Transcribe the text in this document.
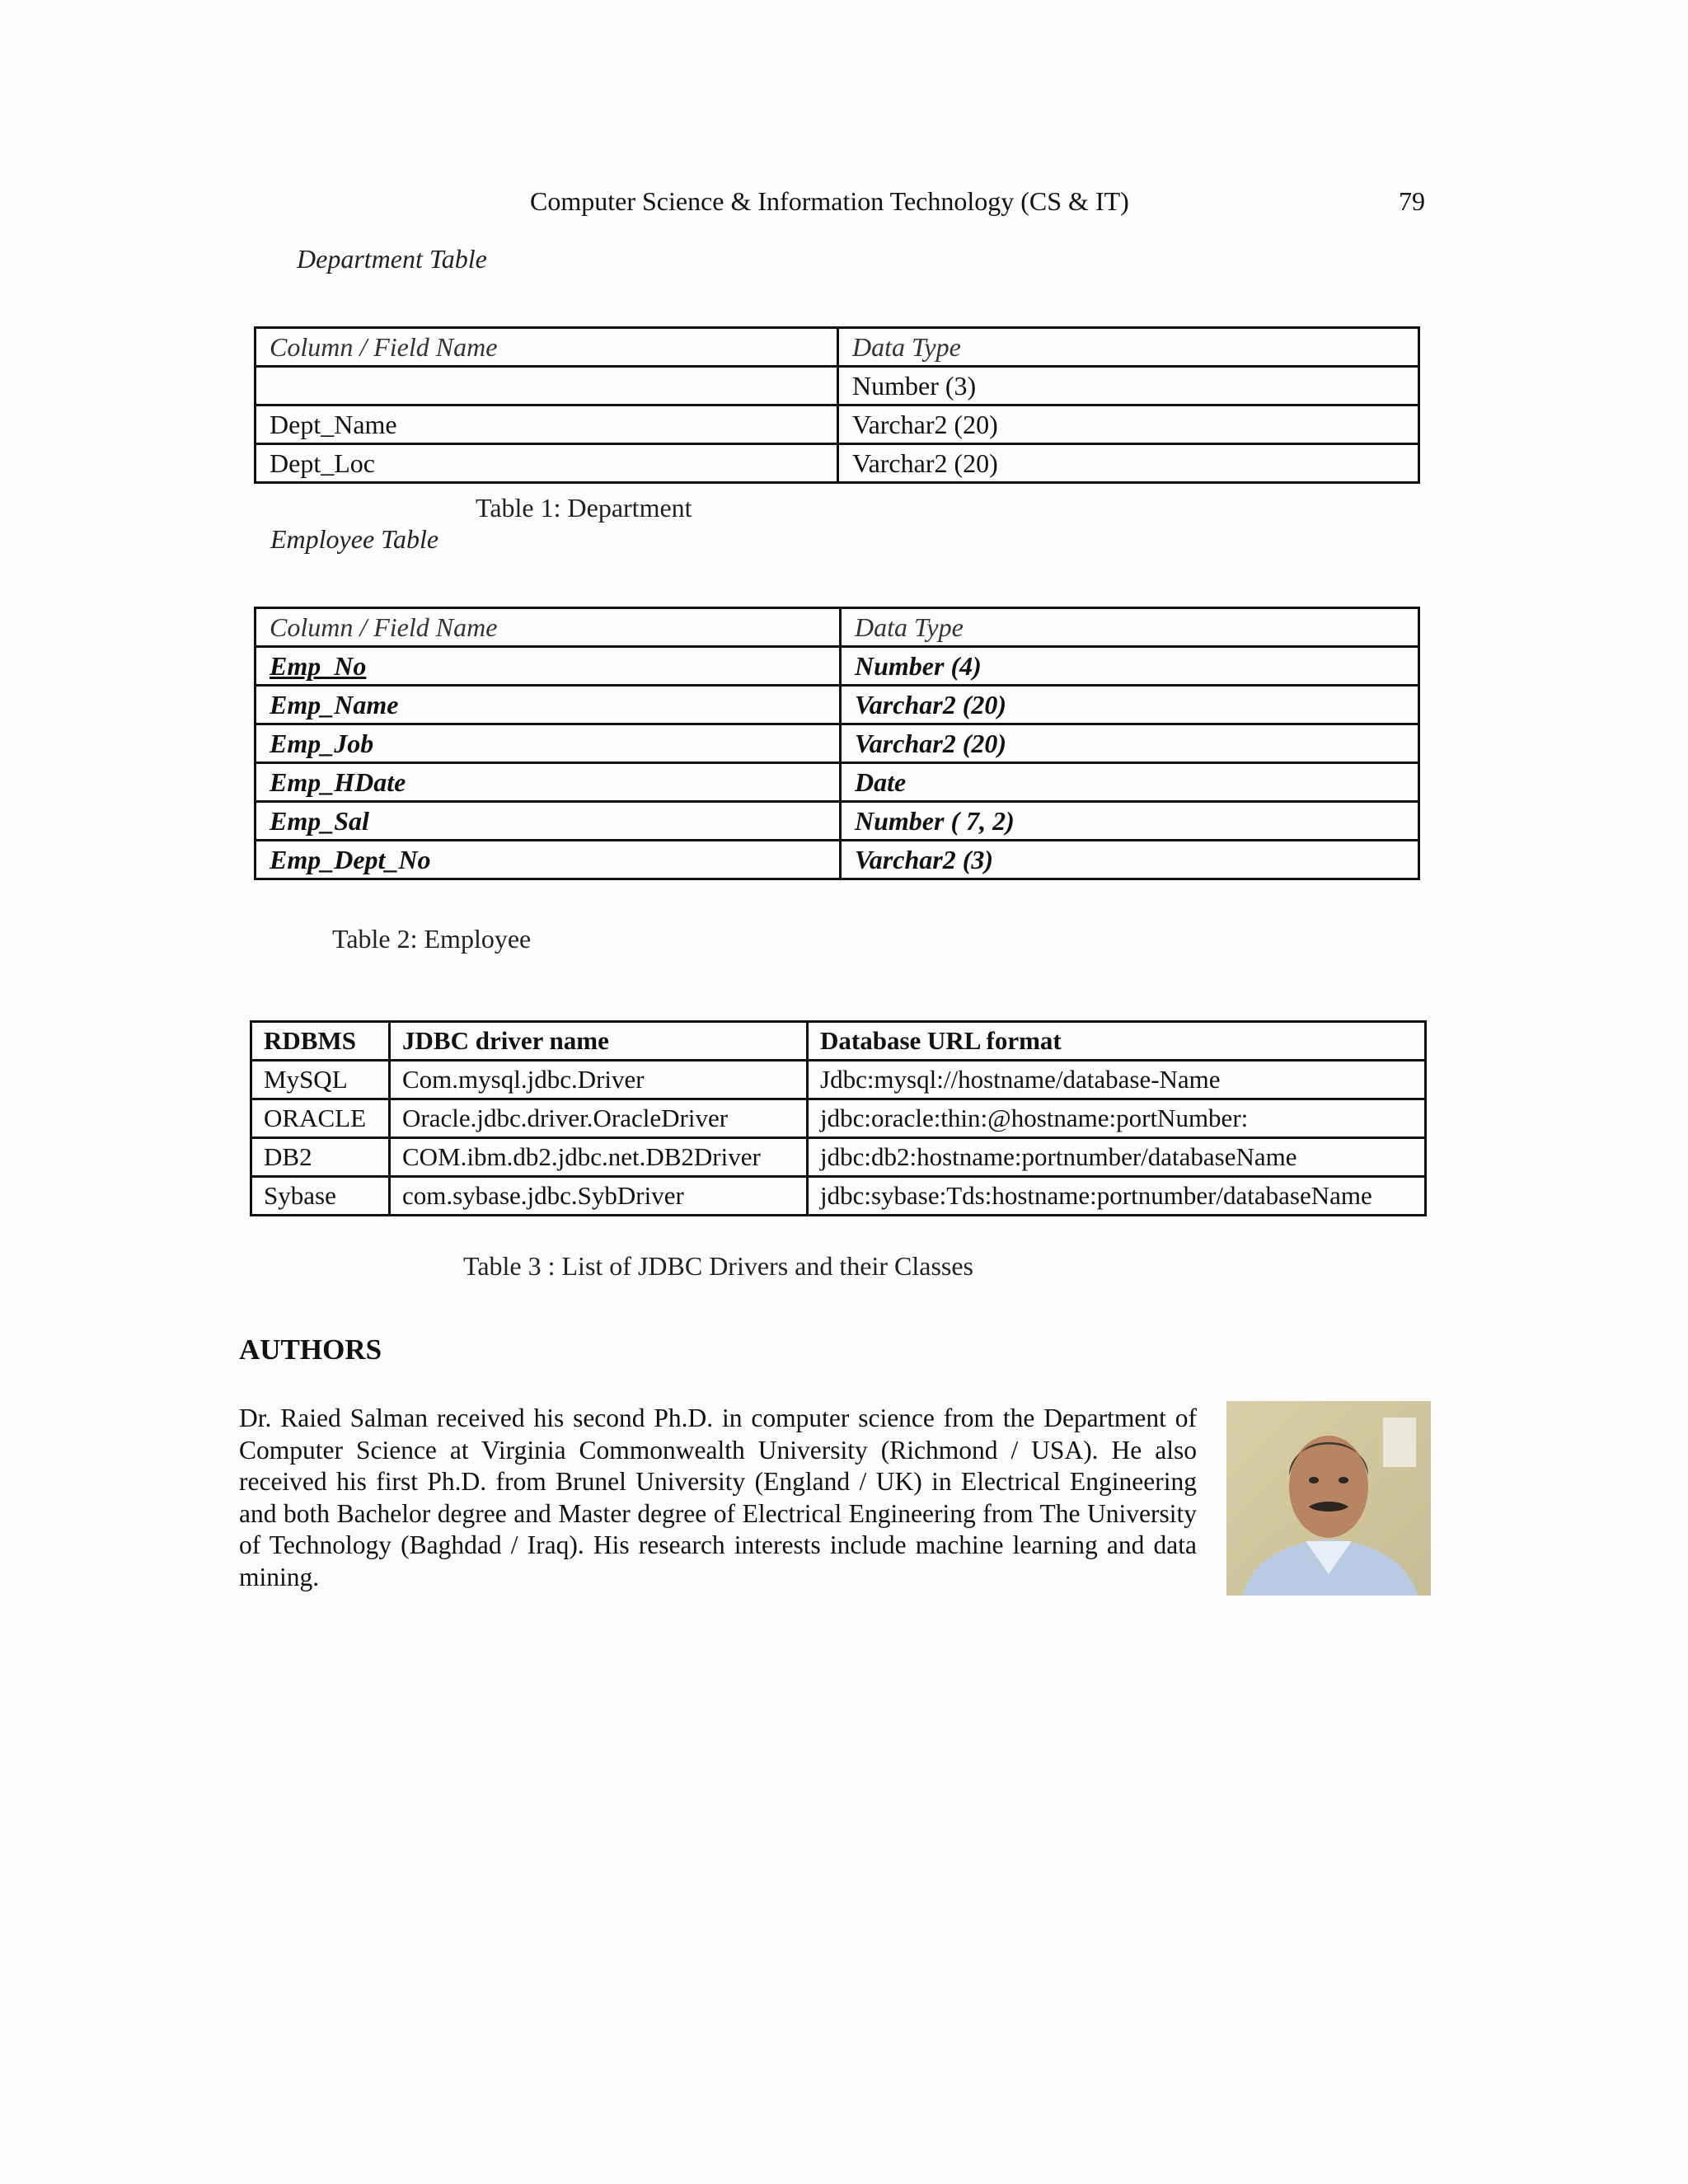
Computer Science & Information Technology (CS & IT)	79
Department Table
Column / Field Name	Data Type
	Number (3)
Dept_Name	Varchar2 (20)
Dept_Loc	Varchar2 (20)
Table 1: Department
Employee Table
Column / Field Name	Data Type
Emp_No	Number (4)
Emp_Name	Varchar2 (20)
Emp_Job	Varchar2 (20)
Emp_HDate	Date
Emp_Sal	Number ( 7, 2)
Emp_Dept_No	Varchar2 (3)
Table 2: Employee
RDBMS	JDBC driver name	Database URL format
MySQL	Com.mysql.jdbc.Driver	Jdbc:mysql://hostname/database-Name
ORACLE	Oracle.jdbc.driver.OracleDriver	jdbc:oracle:thin:@hostname:portNumber:
DB2	COM.ibm.db2.jdbc.net.DB2Driver	jdbc:db2:hostname:portnumber/databaseName
Sybase	com.sybase.jdbc.SybDriver	jdbc:sybase:Tds:hostname:portnumber/databaseName
Table 3 : List of JDBC Drivers and their Classes
AUTHORS
Dr. Raied Salman received his second Ph.D. in computer science from the Department of Computer Science at Virginia Commonwealth University (Richmond / USA). He also received his first Ph.D. from Brunel University (England / UK) in Electrical Engineering and both Bachelor degree and Master degree of Electrical Engineering from The University of Technology (Baghdad / Iraq). His research interests include machine learning and data mining.
